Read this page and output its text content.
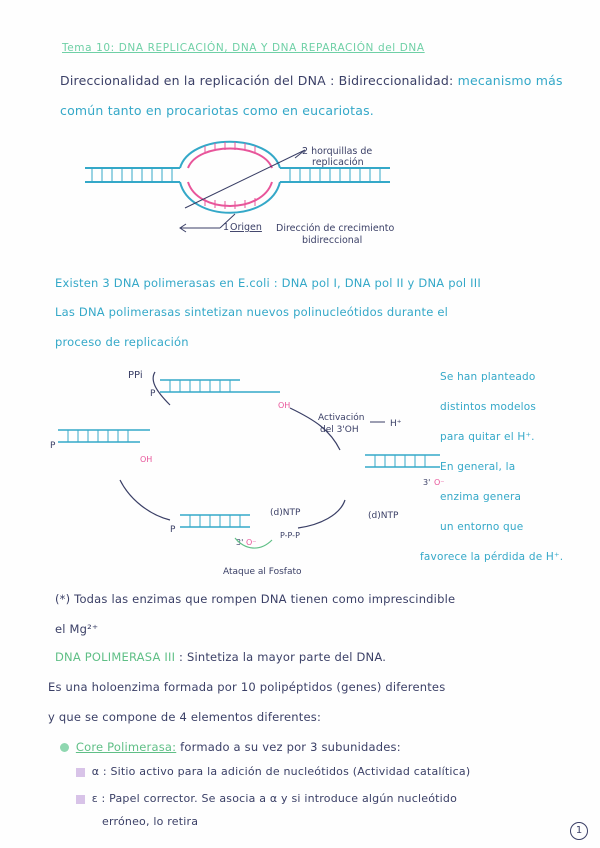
Tema 10: DNA REPLICACIÓN, DNA Y DNA REPARACIÓN del DNA
Direccionalidad en la replicación del DNA : Bidireccionalidad: mecanismo más
común tanto en procariotas como en eucariotas.
2 horquillas de
replicación
1 Origen Dirección de crecimiento
bidireccional
Existen 3 DNA polimerasas en E.coli : DNA pol I, DNA pol II y DNA pol III
Las DNA polimerasas sintetizan nuevos polinucleótidos durante el
proceso de replicación
PPi
P
OH
P
OH
3' O⁻
P
3' O⁻
(d)NTP
P-P-P
Activación
del 3'OH
H⁺
(d)NTP
Ataque al Fosfato
Se han planteado
distintos modelos
para quitar el H⁺.
En general, la
enzima genera
un entorno que
favorece la pérdida de H⁺.
(*) Todas las enzimas que rompen DNA tienen como imprescindible
el Mg²⁺
DNA POLIMERASA III : Sintetiza la mayor parte del DNA.
Es una holoenzima formada por 10 polipéptidos (genes) diferentes
y que se compone de 4 elementos diferentes:
Core Polimerasa: formado a su vez por 3 subunidades:
α : Sitio activo para la adición de nucleótidos (Actividad catalítica)
ε : Papel corrector. Se asocia a α y si introduce algún nucleótido
erróneo, lo retira
1
